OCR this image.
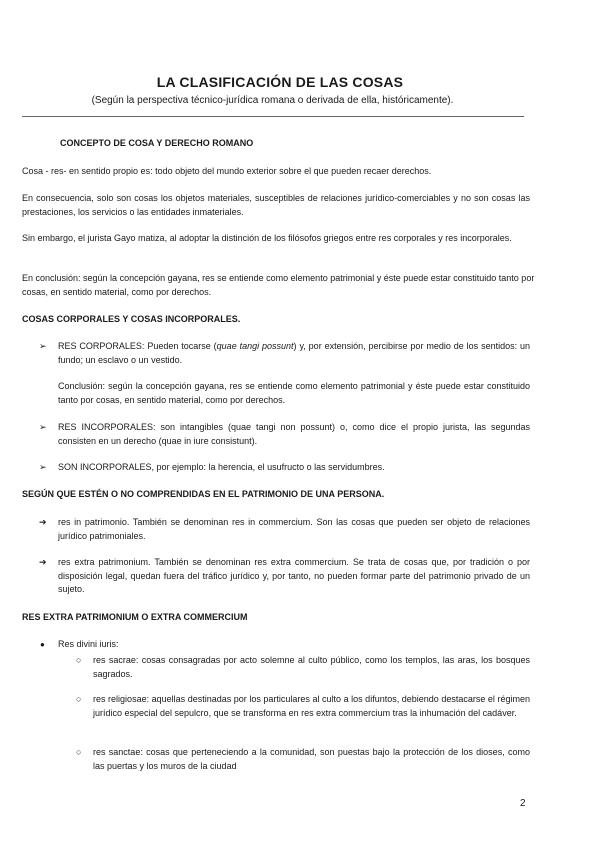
LA CLASIFICACIÓN DE LAS COSAS
(Según la perspectiva técnico-jurídica romana o derivada de ella, históricamente).
CONCEPTO DE COSA Y DERECHO ROMANO
Cosa - res- en sentido propio es: todo objeto del mundo exterior sobre el que pueden recaer derechos.
En consecuencia, solo son cosas los objetos materiales, susceptibles de relaciones jurídico-comerciables y no son cosas las prestaciones, los servicios o las entidades inmateriales.
Sin embargo, el jurista Gayo matiza, al adoptar la distinción de los filósofos griegos entre res corporales y res incorporales.
En conclusión: según la concepción gayana, res se entiende como elemento patrimonial y éste puede estar constituido tanto por cosas, en sentido material, como por derechos.
COSAS CORPORALES Y COSAS INCORPORALES.
➢ RES CORPORALES: Pueden tocarse (quae tangi possunt) y, por extensión, percibirse por medio de los sentidos: un fundo; un esclavo o un vestido.
Conclusión: según la concepción gayana, res se entiende como elemento patrimonial y éste puede estar constituido tanto por cosas, en sentido material, como por derechos.
➢ RES INCORPORALES: son intangibles (quae tangi non possunt) o, como dice el propio jurista, las segundas consisten en un derecho (quae in iure consistunt).
➢ SON INCORPORALES, por ejemplo: la herencia, el usufructo o las servidumbres.
SEGÚN QUE ESTÉN O NO COMPRENDIDAS EN EL PATRIMONIO DE UNA PERSONA.
➔ res in patrimonio. También se denominan res in commercium. Son las cosas que pueden ser objeto de relaciones jurídico patrimoniales.
➔ res extra patrimonium. También se denominan res extra commercium. Se trata de cosas que, por tradición o por disposición legal, quedan fuera del tráfico jurídico y, por tanto, no pueden formar parte del patrimonio privado de un sujeto.
RES EXTRA PATRIMONIUM O EXTRA COMMERCIUM
● Res divini iuris:
○ res sacrae: cosas consagradas por acto solemne al culto público, como los templos, las aras, los bosques sagrados.
○ res religiosae: aquellas destinadas por los particulares al culto a los difuntos, debiendo destacarse el régimen jurídico especial del sepulcro, que se transforma en res extra commercium tras la inhumación del cadáver.
○ res sanctae: cosas que perteneciendo a la comunidad, son puestas bajo la protección de los dioses, como las puertas y los muros de la ciudad
2
